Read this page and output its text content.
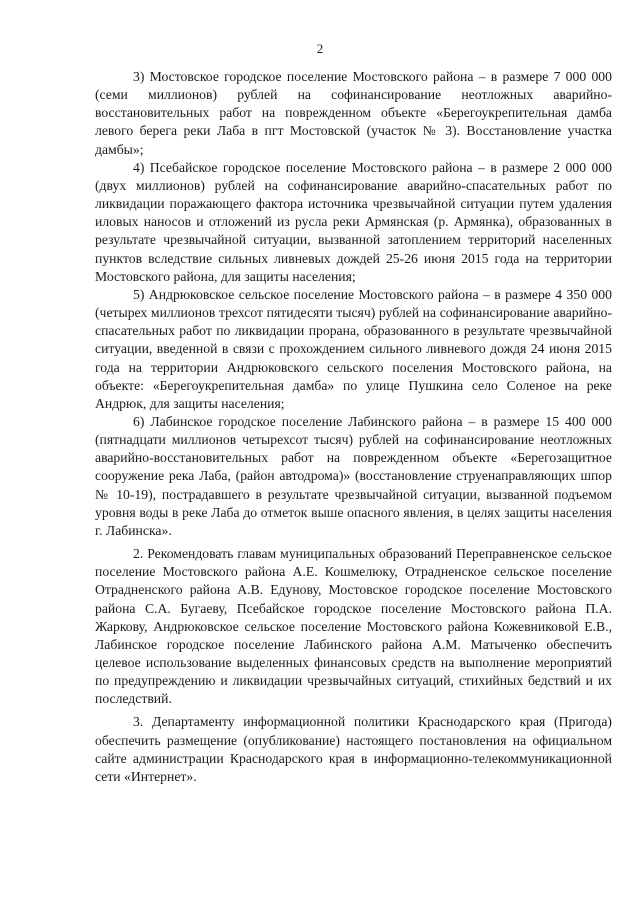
2

3) Мостовское городское поселение Мостовского района – в размере 7 000 000 (семи миллионов) рублей на софинансирование неотложных аварийно-восстановительных работ на поврежденном объекте «Берегоукрепительная дамба левого берега реки Лаба в пгт Мостовской (участок № 3). Восстановление участка дамбы»;

4) Псебайское городское поселение Мостовского района – в размере 2 000 000 (двух миллионов) рублей на софинансирование аварийно-спасательных работ по ликвидации поражающего фактора источника чрезвычайной ситуации путем удаления иловых наносов и отложений из русла реки Армянская (р. Армянка), образованных в результате чрезвычайной ситуации, вызванной затоплением территорий населенных пунктов вследствие сильных ливневых дождей 25-26 июня 2015 года на территории Мостовского района, для защиты населения;

5) Андрюковское сельское поселение Мостовского района – в размере 4 350 000 (четырех миллионов трехсот пятидесяти тысяч) рублей на софинансирование аварийно-спасательных работ по ликвидации прорана, образованного в результате чрезвычайной ситуации, введенной в связи с прохождением сильного ливневого дождя 24 июня 2015 года на территории Андрюковского сельского поселения Мостовского района, на объекте: «Берегоукрепительная дамба» по улице Пушкина село Соленое на реке Андрюк, для защиты населения;

6) Лабинское городское поселение Лабинского района – в размере 15 400 000 (пятнадцати миллионов четырехсот тысяч) рублей на софинансирование неотложных аварийно-восстановительных работ на поврежденном объекте «Берегозащитное сооружение река Лаба, (район автодрома)» (восстановление струенаправляющих шпор № 10-19), пострадавшего в результате чрезвычайной ситуации, вызванной подъемом уровня воды в реке Лаба до отметок выше опасного явления, в целях защиты населения г. Лабинска».

2. Рекомендовать главам муниципальных образований Переправненское сельское поселение Мостовского района А.Е. Кошмелюку, Отрадненское сельское поселение Отрадненского района А.В. Едунову, Мостовское городское поселение Мостовского района С.А. Бугаеву, Псебайское городское поселение Мостовского района П.А. Жаркову, Андрюковское сельское поселение Мостовского района Кожевниковой Е.В., Лабинское городское поселение Лабинского района А.М. Матыченко обеспечить целевое использование выделенных финансовых средств на выполнение мероприятий по предупреждению и ликвидации чрезвычайных ситуаций, стихийных бедствий и их последствий.

3. Департаменту информационной политики Краснодарского края (Пригода) обеспечить размещение (опубликование) настоящего постановления на официальном сайте администрации Краснодарского края в информационно-телекоммуникационной сети «Интернет».
